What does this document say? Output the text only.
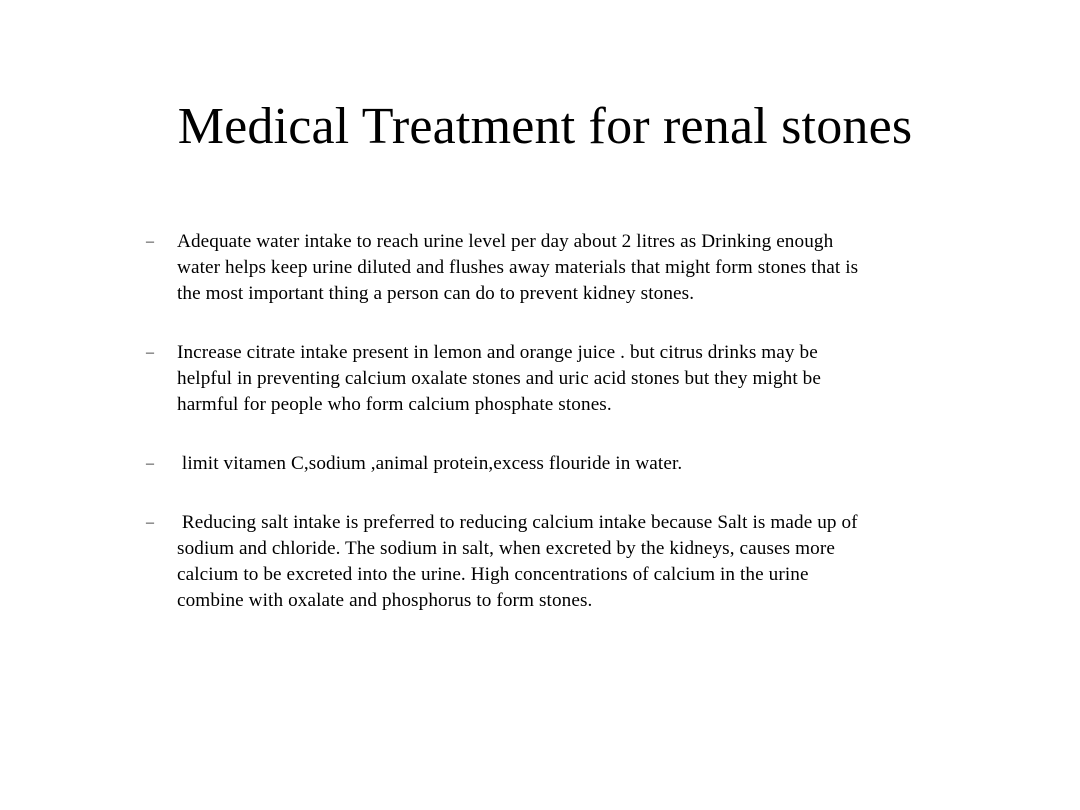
Medical Treatment for renal stones
– Adequate water intake to reach urine level per day about 2 litres as Drinking enough water helps keep urine diluted and flushes away materials that might form stones that is the most important thing a person can do to prevent kidney stones.
– Increase citrate intake present in lemon and orange juice . but citrus drinks may be helpful in preventing calcium oxalate stones and uric acid stones but they might be harmful for people who form calcium phosphate stones.
– limit vitamen C,sodium ,animal protein,excess flouride in water.
– Reducing salt intake is preferred to reducing calcium intake because Salt is made up of sodium and chloride. The sodium in salt, when excreted by the kidneys, causes more calcium to be excreted into the urine. High concentrations of calcium in the urine combine with oxalate and phosphorus to form stones.
